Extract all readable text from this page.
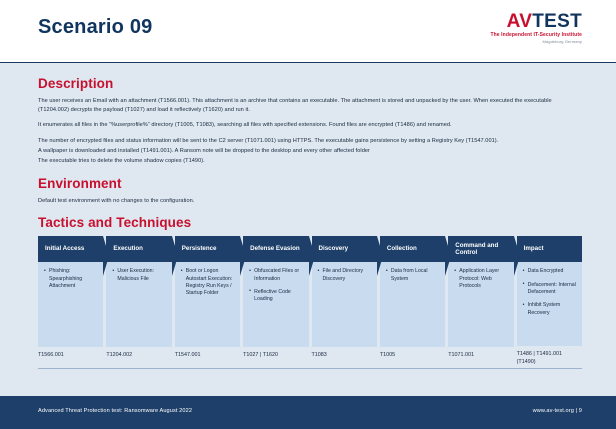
Scenario 09	AVTEST
The Independent IT-Security Institute
Magdeburg Germany
Description

The user receives an Email with an attachment (T1566.001). This attachment is an archive that contains an executable. The attachment is stored and unpacked by the user. When executed the executable (T1204.002) decrypts the payload (T1027) and load it reflectively (T1620) and run it.

It enumerates all files in the “%userprofile%” directory (T1005, T1083), searching all files with specified extensions. Found files are encrypted (T1486) and renamed.

The number of encrypted files and status information will be sent to the C2 server (T1071.001) using HTTPS. The executable gains persistence by setting a Registry Key (T1547.001).

A wallpaper is downloaded and installed (T1491.001). A Ransom note will be dropped to the desktop and every other affected folder

The executable tries to delete the volume shadow copies (T1490).

Environment

Default test environment with no changes to the configuration.

Tactics and Techniques
Initial Access
• Phishing: Spearphishing Attachment
T1566.001
Execution
• User Execution: Malicious File
T1204.002
Persistence
• Boot or Logon Autostart Execution: Registry Run Keys / Startup Folder
T1547.001
Defense Evasion
• Obfuscated Files or Information
• Reflective Code Loading
T1027 | T1620
Discovery
• File and Directory Discovery
T1083
Collection
• Data from Local System
T1005
Command and Control
• Application Layer Protocol: Web Protocols
T1071.001
Impact
• Data Encrypted
• Defacement: Internal Defacement
• Inhibit System Recovery
T1486 | T1491.001 (T1490)
Advanced Threat Protection test: Ransomware August 2022	www.av-test.org | 9
